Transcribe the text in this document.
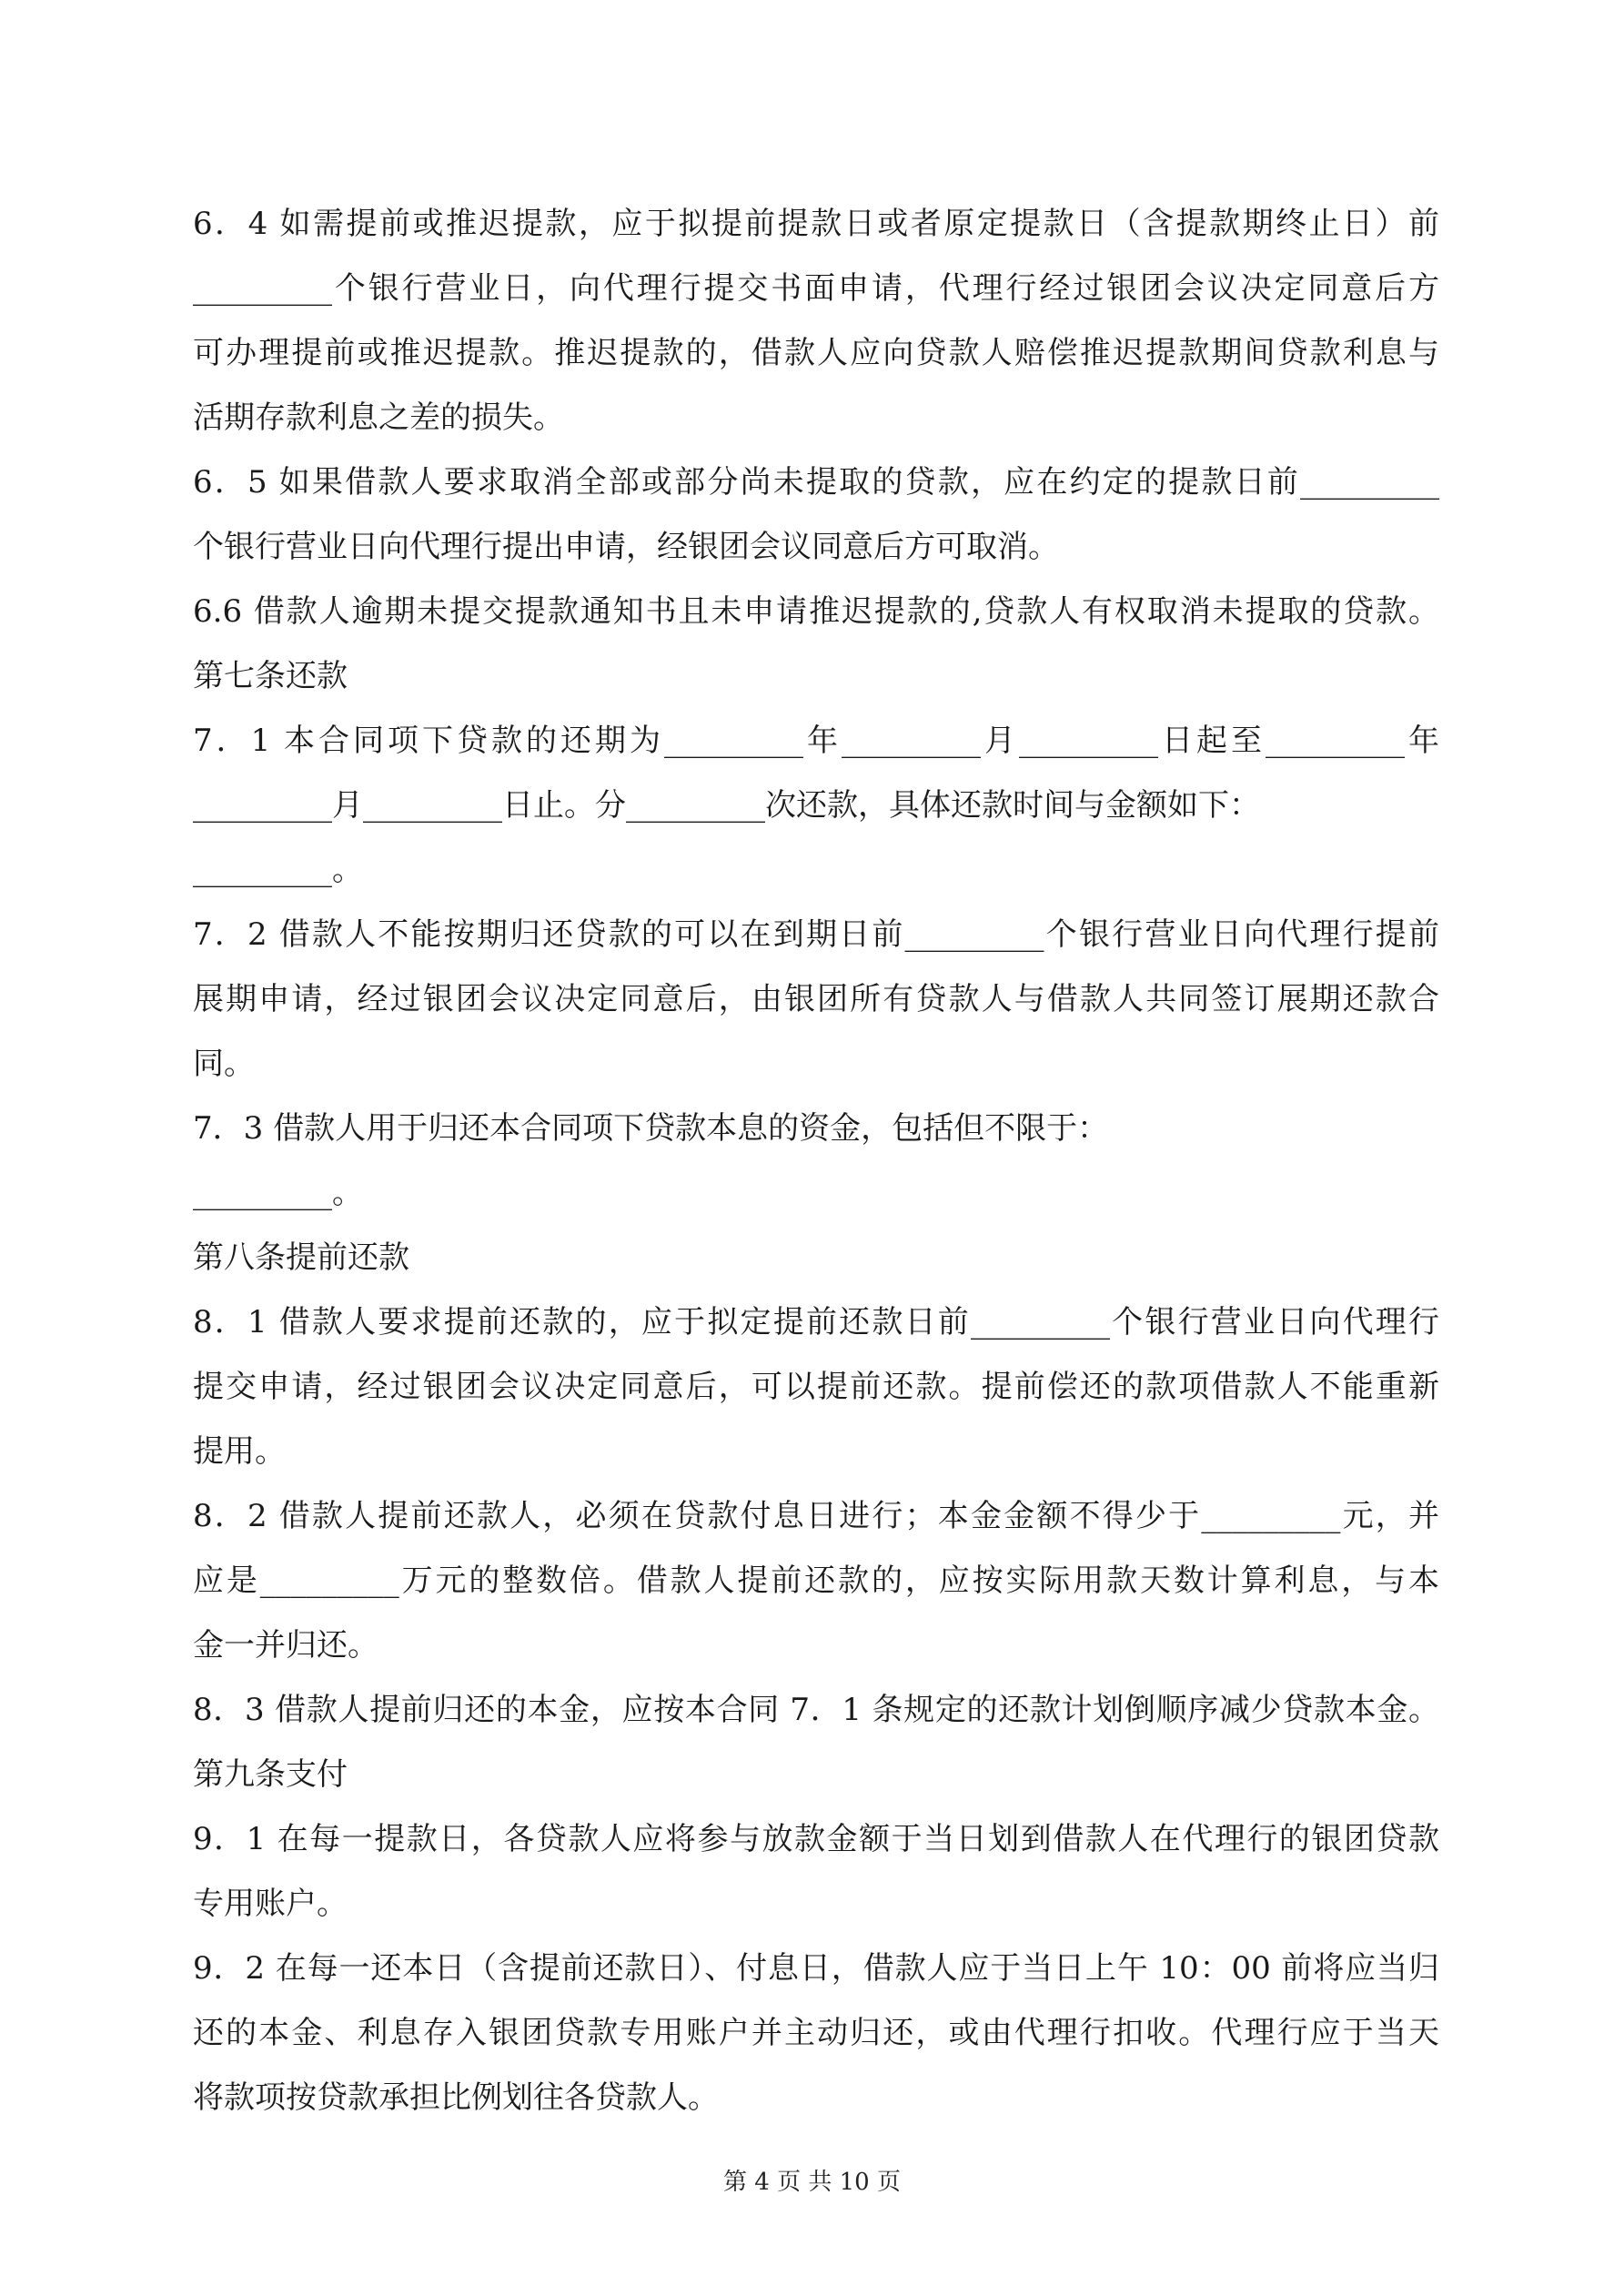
6．4 如需提前或推迟提款，应于拟提前提款日或者原定提款日（含提款期终止日）前
_________个银行营业日，向代理行提交书面申请，代理行经过银团会议决定同意后方
可办理提前或推迟提款。推迟提款的，借款人应向贷款人赔偿推迟提款期间贷款利息与
活期存款利息之差的损失。
6．5 如果借款人要求取消全部或部分尚未提取的贷款，应在约定的提款日前_________
个银行营业日向代理行提出申请，经银团会议同意后方可取消。
6.6 借款人逾期未提交提款通知书且未申请推迟提款的,贷款人有权取消未提取的贷款。
第七条还款
7．1 本合同项下贷款的还期为_________年_________月_________日起至_________年
_________月_________日止。分_________次还款，具体还款时间与金额如下：
_________。
7．2 借款人不能按期归还贷款的可以在到期日前_________个银行营业日向代理行提前
展期申请，经过银团会议决定同意后，由银团所有贷款人与借款人共同签订展期还款合
同。
7．3 借款人用于归还本合同项下贷款本息的资金，包括但不限于：
_________。
第八条提前还款
8．1 借款人要求提前还款的，应于拟定提前还款日前_________个银行营业日向代理行
提交申请，经过银团会议决定同意后，可以提前还款。提前偿还的款项借款人不能重新
提用。
8．2 借款人提前还款人，必须在贷款付息日进行；本金金额不得少于_________元，并
应是_________万元的整数倍。借款人提前还款的，应按实际用款天数计算利息，与本
金一并归还。
8．3 借款人提前归还的本金，应按本合同 7．1 条规定的还款计划倒顺序减少贷款本金。
第九条支付
9．1 在每一提款日，各贷款人应将参与放款金额于当日划到借款人在代理行的银团贷款
专用账户。
9．2 在每一还本日（含提前还款日）、付息日，借款人应于当日上午 10：00 前将应当归
还的本金、利息存入银团贷款专用账户并主动归还，或由代理行扣收。代理行应于当天
将款项按贷款承担比例划往各贷款人。
第 4 页 共 10 页
